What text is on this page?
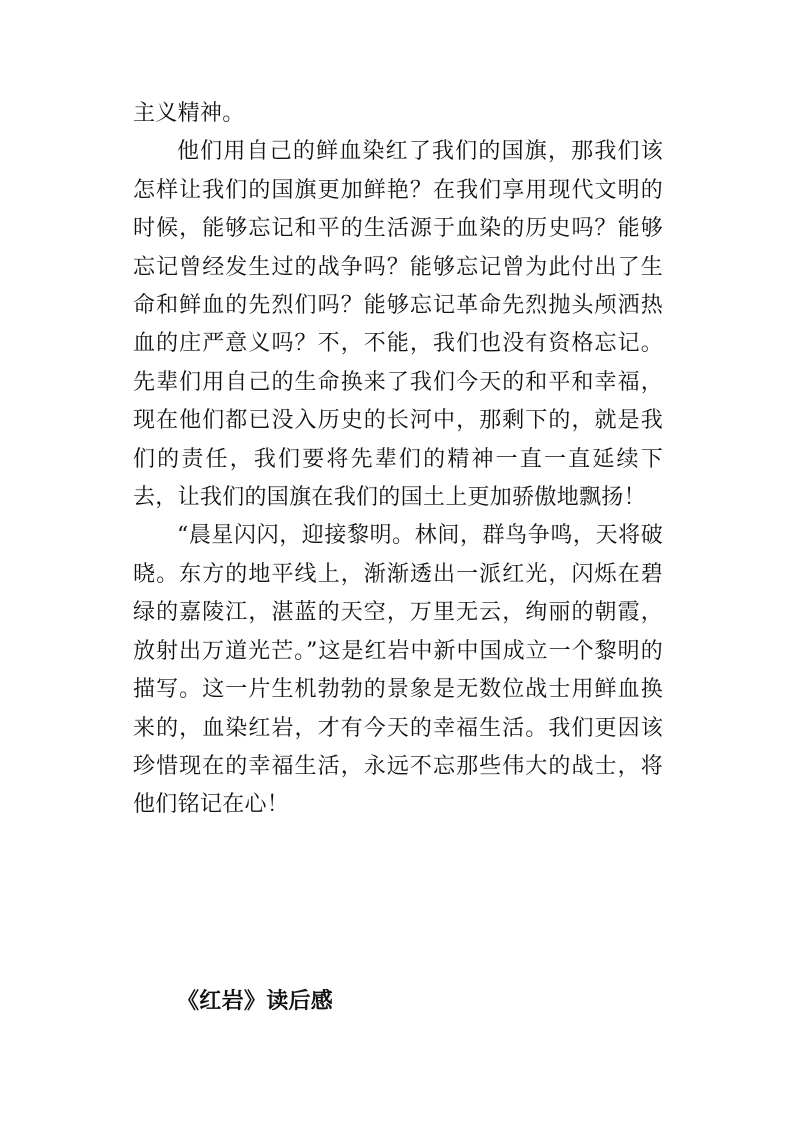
主义精神。

他们用自己的鲜血染红了我们的国旗，那我们该怎样让我们的国旗更加鲜艳？在我们享用现代文明的时候，能够忘记和平的生活源于血染的历史吗？能够忘记曾经发生过的战争吗？能够忘记曾为此付出了生命和鲜血的先烈们吗？能够忘记革命先烈抛头颅洒热血的庄严意义吗？不，不能，我们也没有资格忘记。先辈们用自己的生命换来了我们今天的和平和幸福，现在他们都已没入历史的长河中，那剩下的，就是我们的责任，我们要将先辈们的精神一直一直延续下去，让我们的国旗在我们的国土上更加骄傲地飘扬！

“晨星闪闪，迎接黎明。林间，群鸟争鸣，天将破晓。东方的地平线上，渐渐透出一派红光，闪烁在碧绿的嘉陵江，湛蓝的天空，万里无云，绚丽的朝霞，放射出万道光芒。”这是红岩中新中国成立一个黎明的描写。这一片生机勃勃的景象是无数位战士用鲜血换来的，血染红岩，才有今天的幸福生活。我们更因该珍惜现在的幸福生活，永远不忘那些伟大的战士，将他们铭记在心！

《红岩》读后感
